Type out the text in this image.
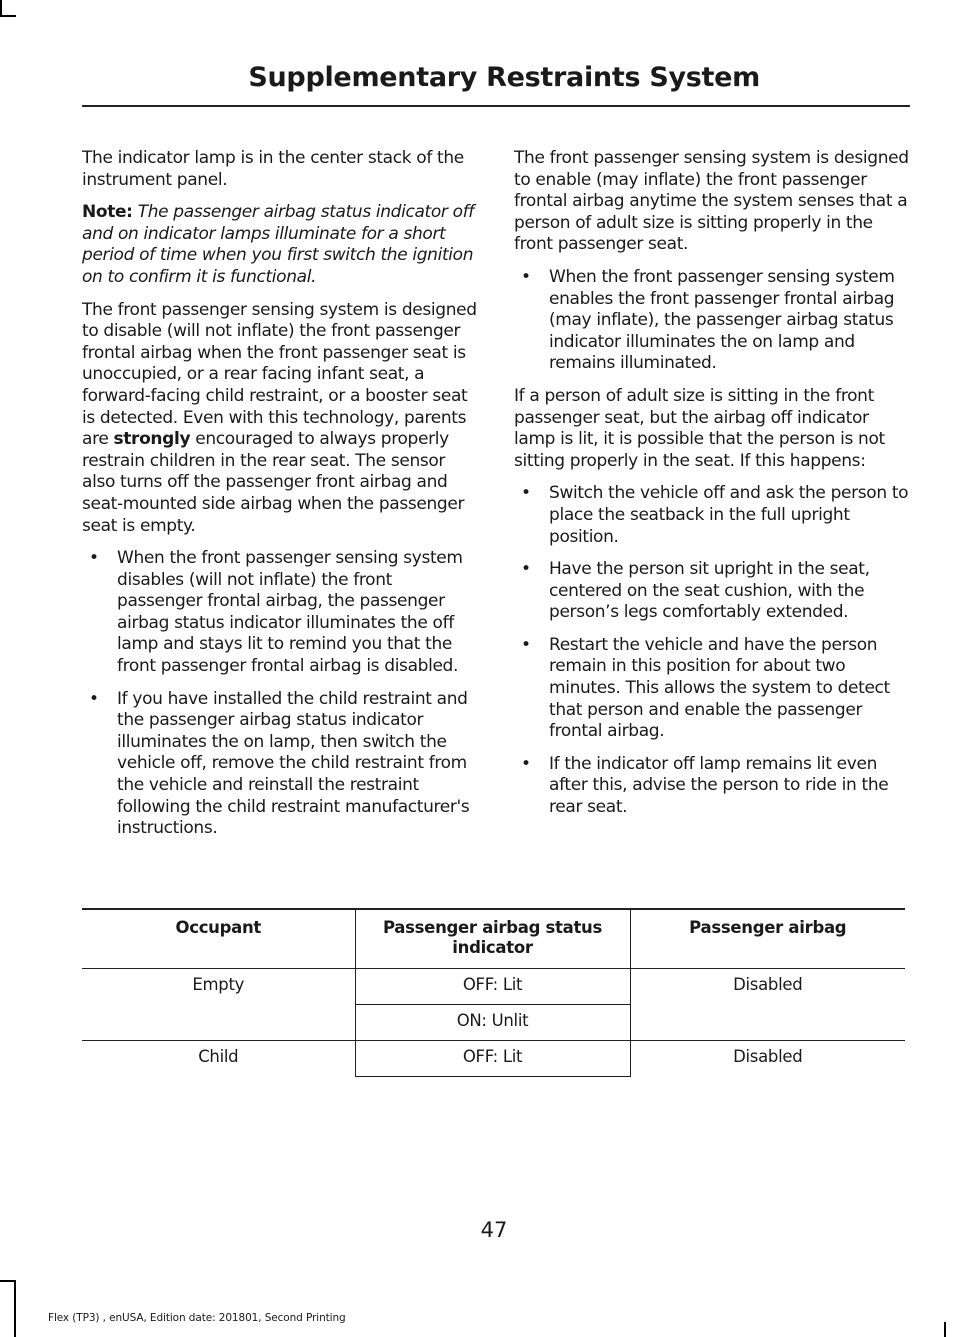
Supplementary Restraints System

The indicator lamp is in the center stack of the instrument panel.

Note: The passenger airbag status indicator off and on indicator lamps illuminate for a short period of time when you first switch the ignition on to confirm it is functional.

The front passenger sensing system is designed to disable (will not inflate) the front passenger frontal airbag when the front passenger seat is unoccupied, or a rear facing infant seat, a forward-facing child restraint, or a booster seat is detected. Even with this technology, parents are strongly encouraged to always properly restrain children in the rear seat. The sensor also turns off the passenger front airbag and seat-mounted side airbag when the passenger seat is empty.

• When the front passenger sensing system disables (will not inflate) the front passenger frontal airbag, the passenger airbag status indicator illuminates the off lamp and stays lit to remind you that the front passenger frontal airbag is disabled.
• If you have installed the child restraint and the passenger airbag status indicator illuminates the on lamp, then switch the vehicle off, remove the child restraint from the vehicle and reinstall the restraint following the child restraint manufacturer's instructions.

The front passenger sensing system is designed to enable (may inflate) the front passenger frontal airbag anytime the system senses that a person of adult size is sitting properly in the front passenger seat.

• When the front passenger sensing system enables the front passenger frontal airbag (may inflate), the passenger airbag status indicator illuminates the on lamp and remains illuminated.

If a person of adult size is sitting in the front passenger seat, but the airbag off indicator lamp is lit, it is possible that the person is not sitting properly in the seat. If this happens:

• Switch the vehicle off and ask the person to place the seatback in the full upright position.
• Have the person sit upright in the seat, centered on the seat cushion, with the person’s legs comfortably extended.
• Restart the vehicle and have the person remain in this position for about two minutes. This allows the system to detect that person and enable the passenger frontal airbag.
• If the indicator off lamp remains lit even after this, advise the person to ride in the rear seat.
Occupant	Passenger airbag status indicator	Passenger airbag
Empty	OFF: Lit	Disabled
	ON: Unlit	
Child	OFF: Lit	Disabled
47
Flex (TP3) , enUSA, Edition date: 201801, Second Printing
